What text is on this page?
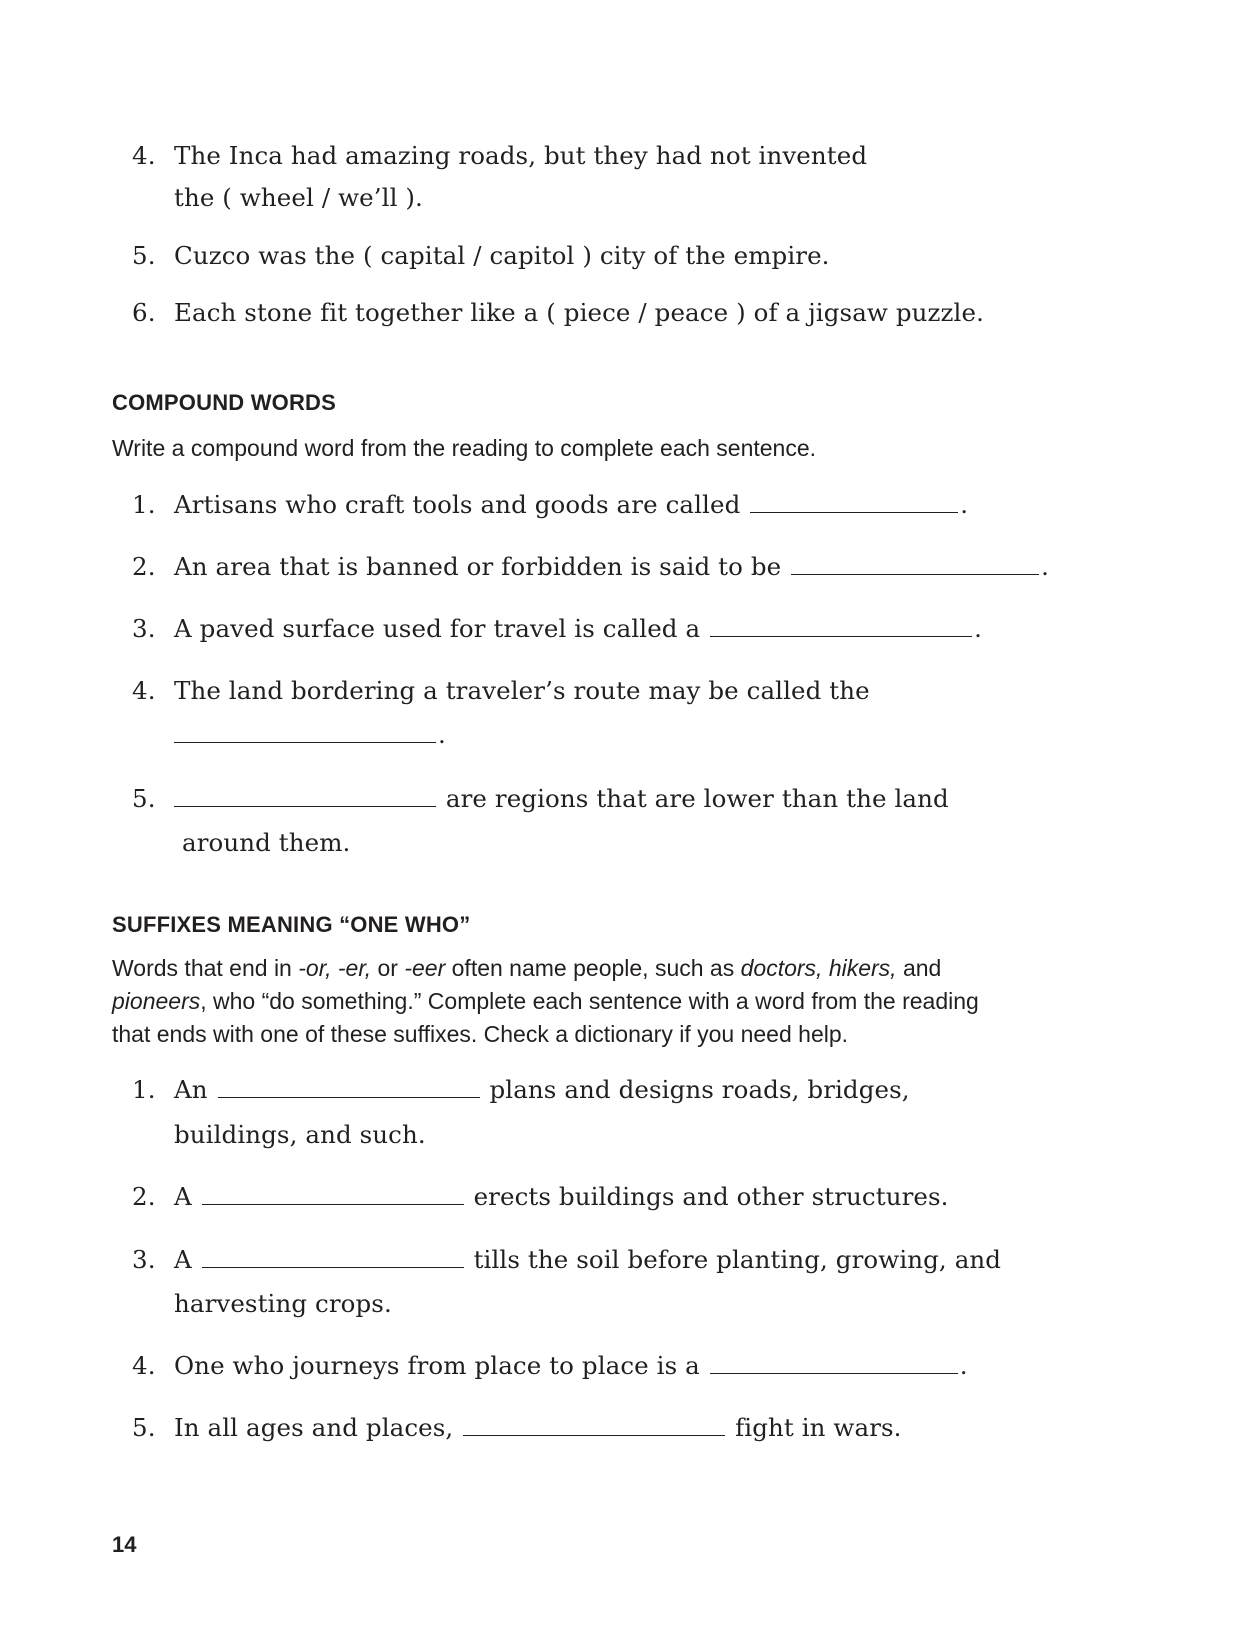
4. The Inca had amazing roads, but they had not invented
the ( wheel / we’ll ).
5. Cuzco was the ( capital / capitol ) city of the empire.
6. Each stone fit together like a ( piece / peace ) of a jigsaw puzzle.
COMPOUND WORDS
Write a compound word from the reading to complete each sentence.
1. Artisans who craft tools and goods are called	.
2. An area that is banned or forbidden is said to be	.
3. A paved surface used for travel is called a	.
4. The land bordering a traveler’s route may be called the
.
5.	are regions that are lower than the land
around them.
SUFFIXES MEANING “ONE WHO”
Words that end in -or, -er, or -eer often name people, such as doctors, hikers, and
pioneers, who “do something.” Complete each sentence with a word from the reading
that ends with one of these suffixes. Check a dictionary if you need help.
1. An	plans and designs roads, bridges,
buildings, and such.
2. A	erects buildings and other structures.
3. A	tills the soil before planting, growing, and
harvesting crops.
4. One who journeys from place to place is a	.
5. In all ages and places,	fight in wars.
14
